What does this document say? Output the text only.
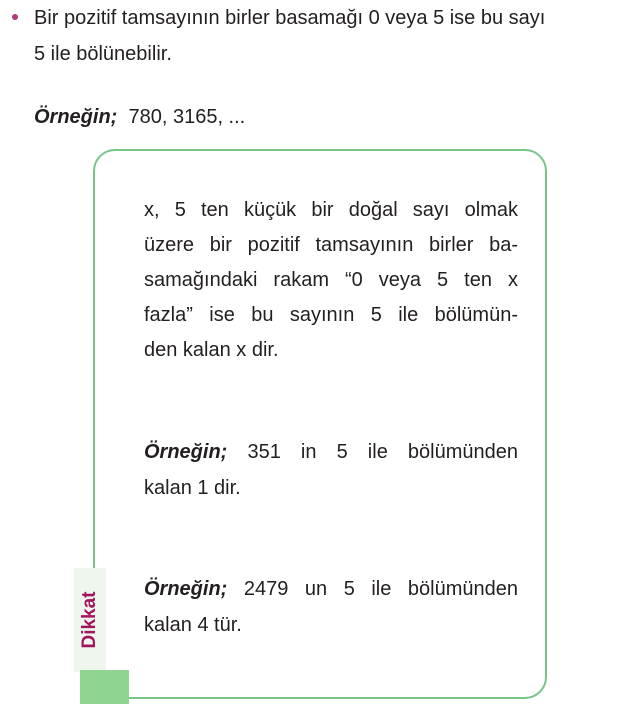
Bir pozitif tamsayının birler basamağı 0 veya 5 ise bu sayı
5 ile bölünebilir.
Örneğin; 780, 3165, ...
x, 5 ten küçük bir doğal sayı olmak
üzere bir pozitif tamsayının birler ba-
samağındaki rakam “0 veya 5 ten x
fazla” ise bu sayının 5 ile bölümün-
den kalan x dir.
Örneğin; 351 in 5 ile bölümünden
kalan 1 dir.
Örneğin; 2479 un 5 ile bölümünden
kalan 4 tür.
Dikkat
